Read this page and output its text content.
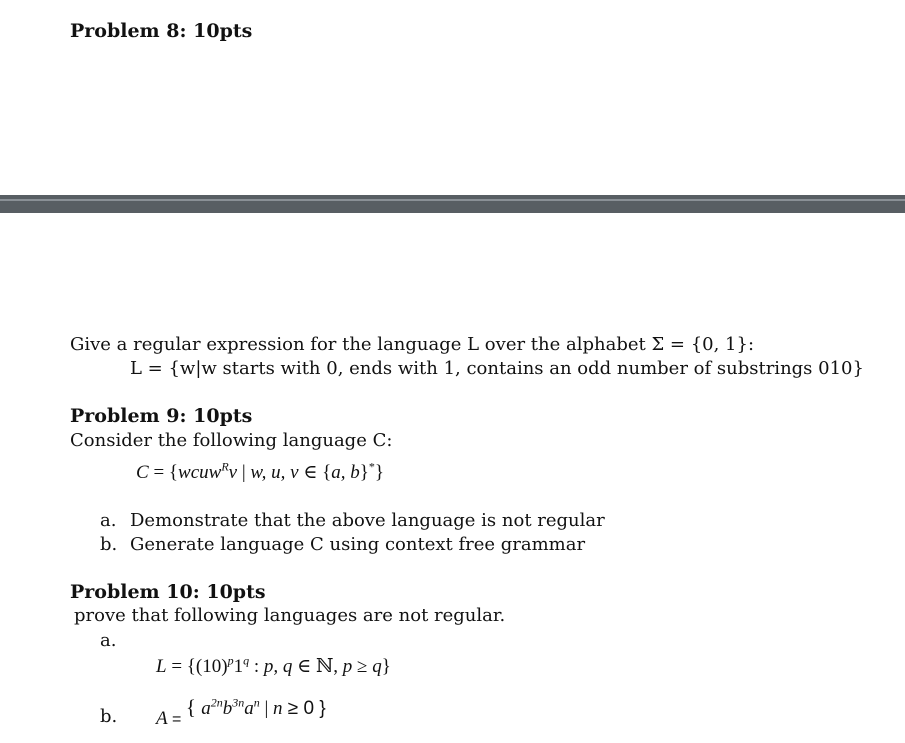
Problem 8: 10pts
Give a regular expression for the language L over the alphabet Σ = {0, 1}:
L = {w|w starts with 0, ends with 1, contains an odd number of substrings 010}
Problem 9: 10pts
Consider the following language C:
C = {wcuw$^R$v | w, u, v ∈ {a, b}*}
a. Demonstrate that the above language is not regular
b. Generate language C using context free grammar
Problem 10: 10pts
prove that following languages are not regular.
a.
$L = \{(10)^p1^q$ : p, q ∈ ℕ, p ≥ q}
b. A $_=$ { $a^{2n}b^{3n}a^n$ | n ≥ 0 }
